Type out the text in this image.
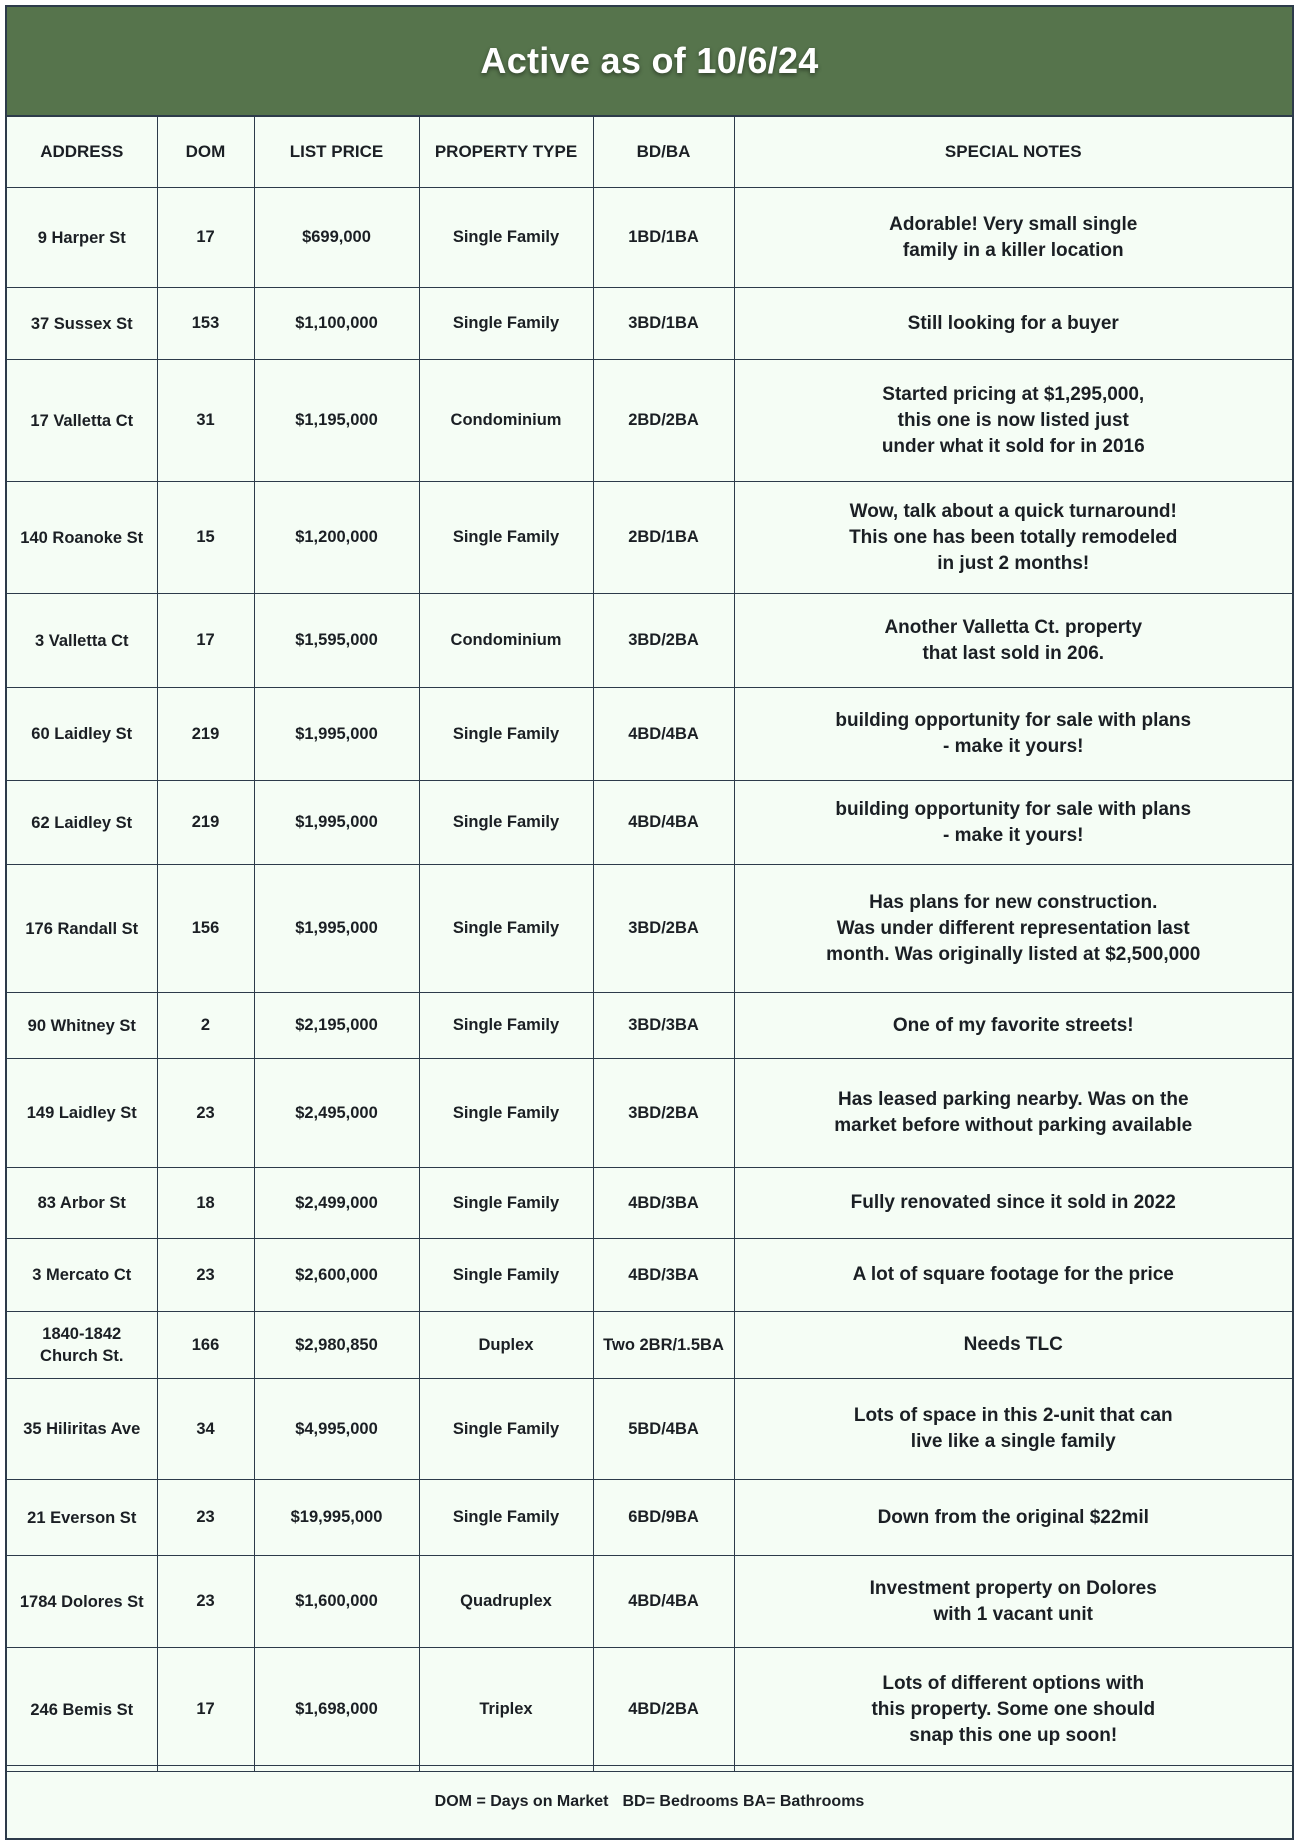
Active as of 10/6/24
ADDRESS	DOM	LIST PRICE	PROPERTY TYPE	BD/BA	SPECIAL NOTES
9 Harper St	17	$699,000	Single Family	1BD/1BA	Adorable! Very small single
family in a killer location
37 Sussex St	153	$1,100,000	Single Family	3BD/1BA	Still looking for a buyer
17 Valletta Ct	31	$1,195,000	Condominium	2BD/2BA	Started pricing at $1,295,000,
this one is now listed just
under what it sold for in 2016
140 Roanoke St	15	$1,200,000	Single Family	2BD/1BA	Wow, talk about a quick turnaround!
This one has been totally remodeled
in just 2 months!
3 Valletta Ct	17	$1,595,000	Condominium	3BD/2BA	Another Valletta Ct. property
that last sold in 206.
60 Laidley St	219	$1,995,000	Single Family	4BD/4BA	building opportunity for sale with plans
- make it yours!
62 Laidley St	219	$1,995,000	Single Family	4BD/4BA	building opportunity for sale with plans
- make it yours!
176 Randall St	156	$1,995,000	Single Family	3BD/2BA	Has plans for new construction.
Was under different representation last
month. Was originally listed at $2,500,000
90 Whitney St	2	$2,195,000	Single Family	3BD/3BA	One of my favorite streets!
149 Laidley St	23	$2,495,000	Single Family	3BD/2BA	Has leased parking nearby. Was on the
market before without parking available
83 Arbor St	18	$2,499,000	Single Family	4BD/3BA	Fully renovated since it sold in 2022
3 Mercato Ct	23	$2,600,000	Single Family	4BD/3BA	A lot of square footage for the price
1840-1842
Church St.	166	$2,980,850	Duplex	Two 2BR/1.5BA	Needs TLC
35 Hiliritas Ave	34	$4,995,000	Single Family	5BD/4BA	Lots of space in this 2-unit that can
live like a single family
21 Everson St	23	$19,995,000	Single Family	6BD/9BA	Down from the original $22mil
1784 Dolores St	23	$1,600,000	Quadruplex	4BD/4BA	Investment property on Dolores
with 1 vacant unit
246 Bemis St	17	$1,698,000	Triplex	4BD/2BA	Lots of different options with
this property. Some one should
snap this one up soon!
DOM = Days on Market BD= Bedrooms BA= Bathrooms
